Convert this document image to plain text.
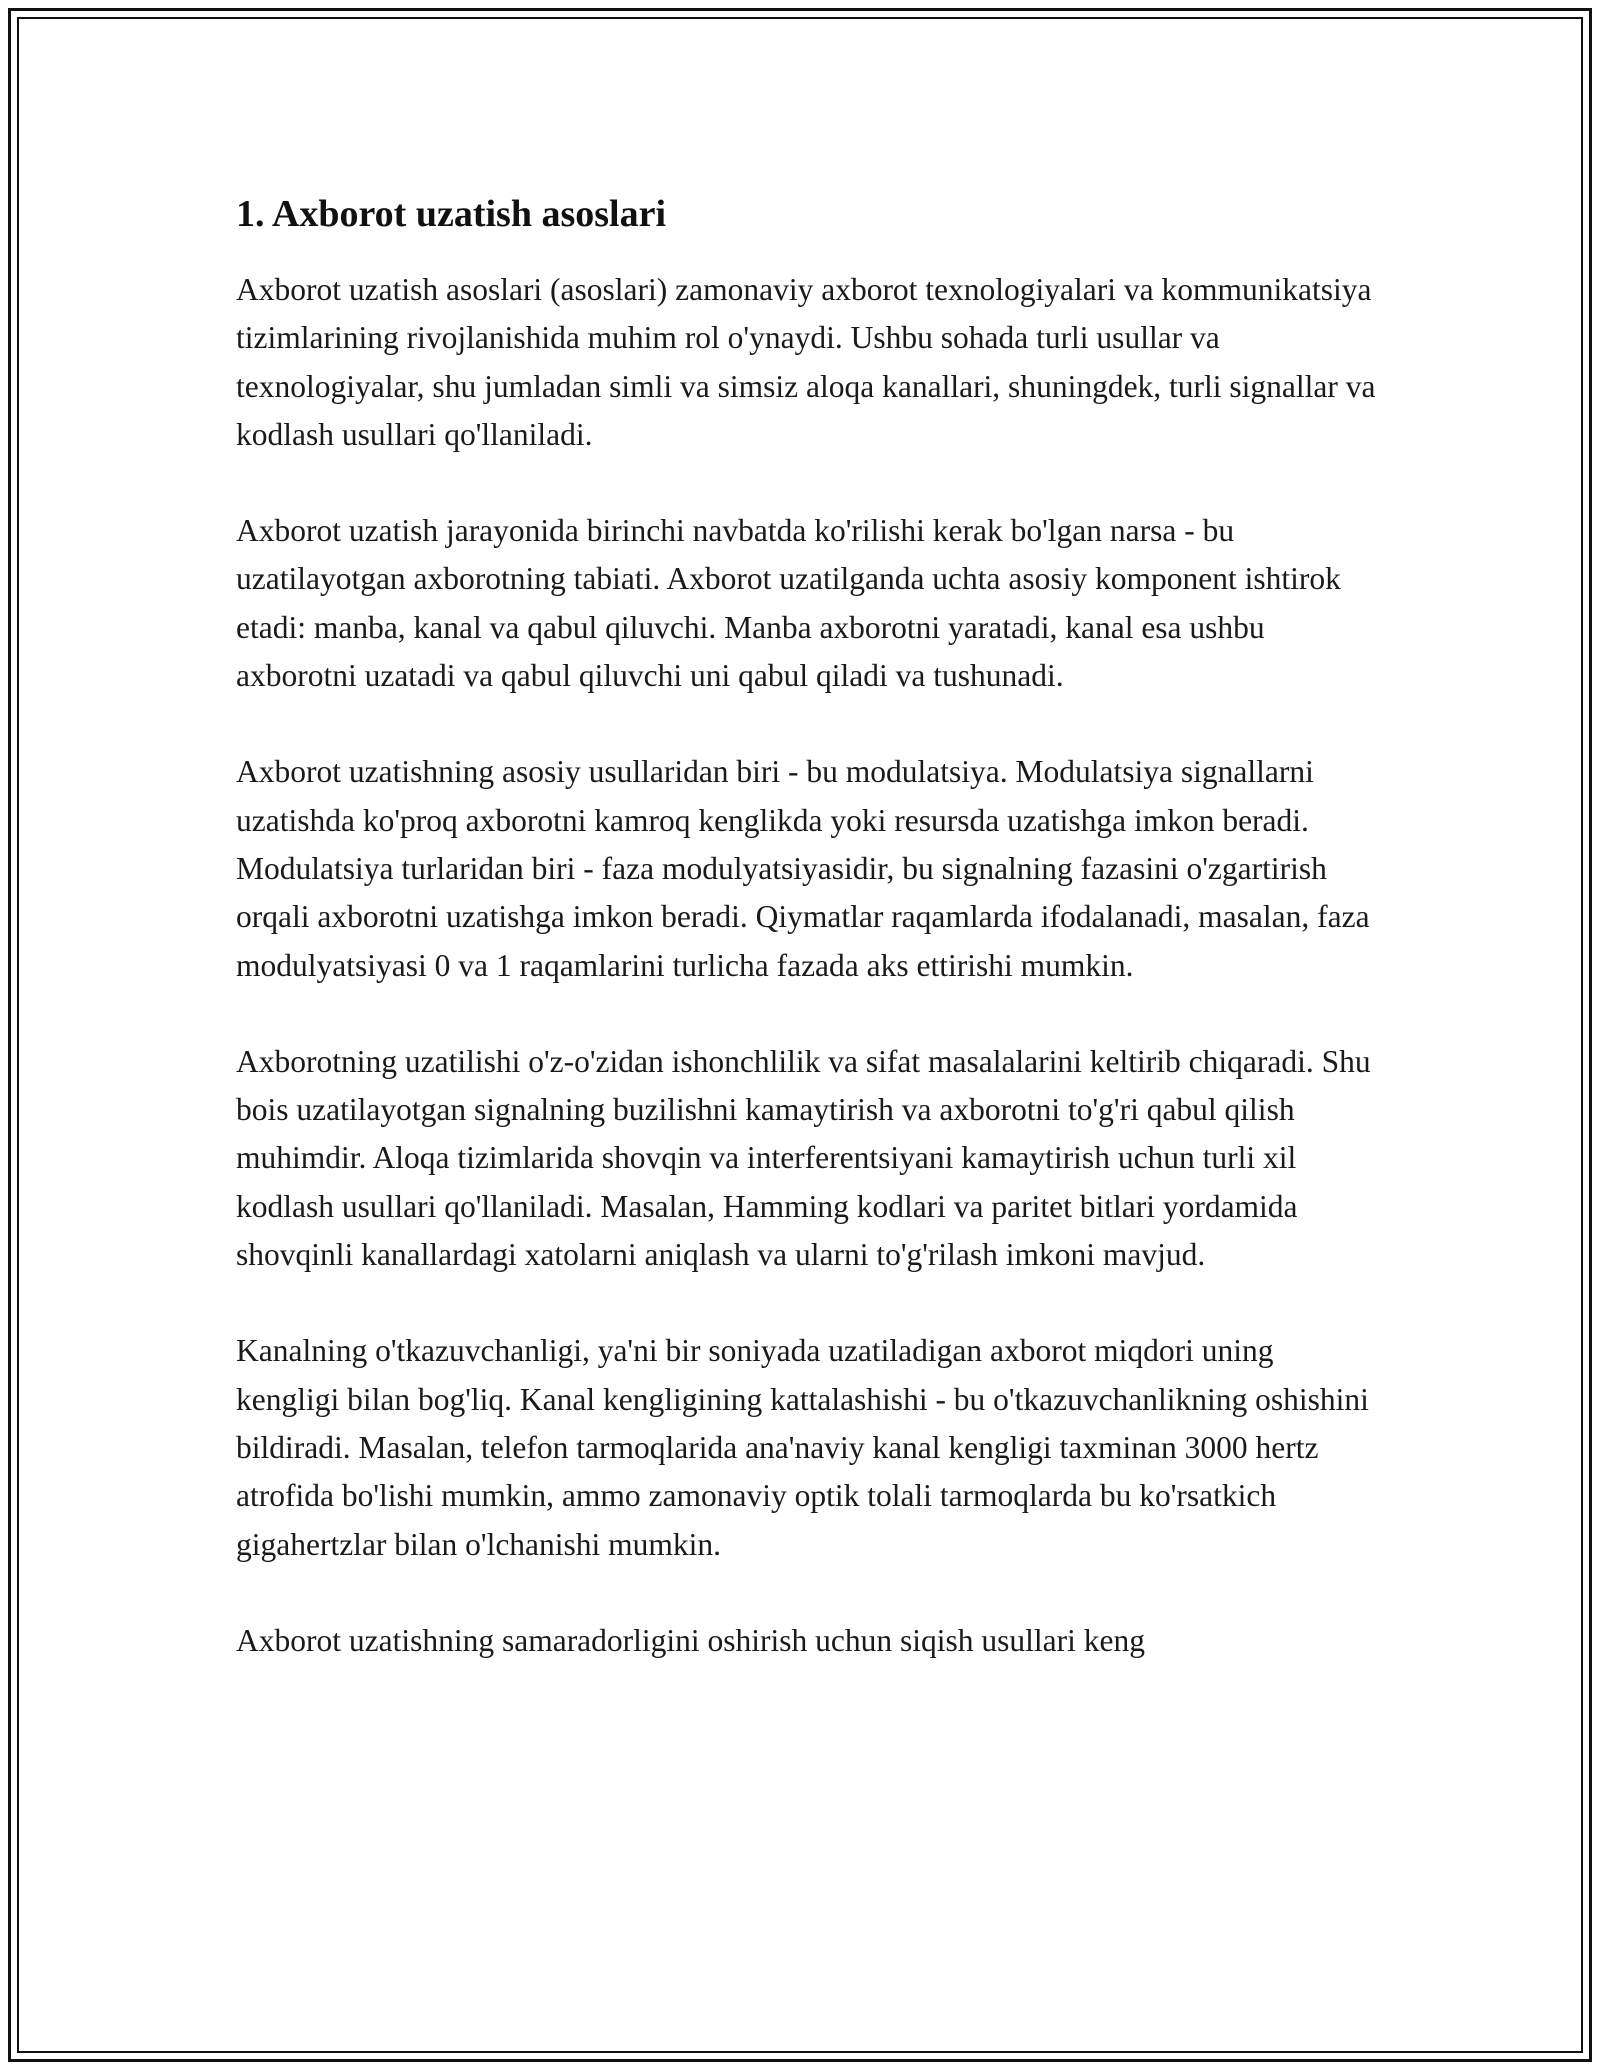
1. Axborot uzatish asoslari

Axborot uzatish asoslari (asoslari) zamonaviy axborot texnologiyalari va kommunikatsiya tizimlarining rivojlanishida muhim rol o'ynaydi. Ushbu sohada turli usullar va texnologiyalar, shu jumladan simli va simsiz aloqa kanallari, shuningdek, turli signallar va kodlash usullari qo'llaniladi.

Axborot uzatish jarayonida birinchi navbatda ko'rilishi kerak bo'lgan narsa - bu uzatilayotgan axborotning tabiati. Axborot uzatilganda uchta asosiy komponent ishtirok etadi: manba, kanal va qabul qiluvchi. Manba axborotni yaratadi, kanal esa ushbu axborotni uzatadi va qabul qiluvchi uni qabul qiladi va tushunadi.

Axborot uzatishning asosiy usullaridan biri - bu modulatsiya. Modulatsiya signallarni uzatishda ko'proq axborotni kamroq kenglikda yoki resursda uzatishga imkon beradi. Modulatsiya turlaridan biri - faza modulyatsiyasidir, bu signalning fazasini o'zgartirish orqali axborotni uzatishga imkon beradi. Qiymatlar raqamlarda ifodalanadi, masalan, faza modulyatsiyasi 0 va 1 raqamlarini turlicha fazada aks ettirishi mumkin.

Axborotning uzatilishi o'z-o'zidan ishonchlilik va sifat masalalarini keltirib chiqaradi. Shu bois uzatilayotgan signalning buzilishni kamaytirish va axborotni to'g'ri qabul qilish muhimdir. Aloqa tizimlarida shovqin va interferentsiyani kamaytirish uchun turli xil kodlash usullari qo'llaniladi. Masalan, Hamming kodlari va paritet bitlari yordamida shovqinli kanallardagi xatolarni aniqlash va ularni to'g'rilash imkoni mavjud.

Kanalning o'tkazuvchanligi, ya'ni bir soniyada uzatiladigan axborot miqdori uning kengligi bilan bog'liq. Kanal kengligining kattalashishi - bu o'tkazuvchanlikning oshishini bildiradi. Masalan, telefon tarmoqlarida ana'naviy kanal kengligi taxminan 3000 hertz atrofida bo'lishi mumkin, ammo zamonaviy optik tolali tarmoqlarda bu ko'rsatkich gigahertzlar bilan o'lchanishi mumkin.

Axborot uzatishning samaradorligini oshirish uchun siqish usullari keng
